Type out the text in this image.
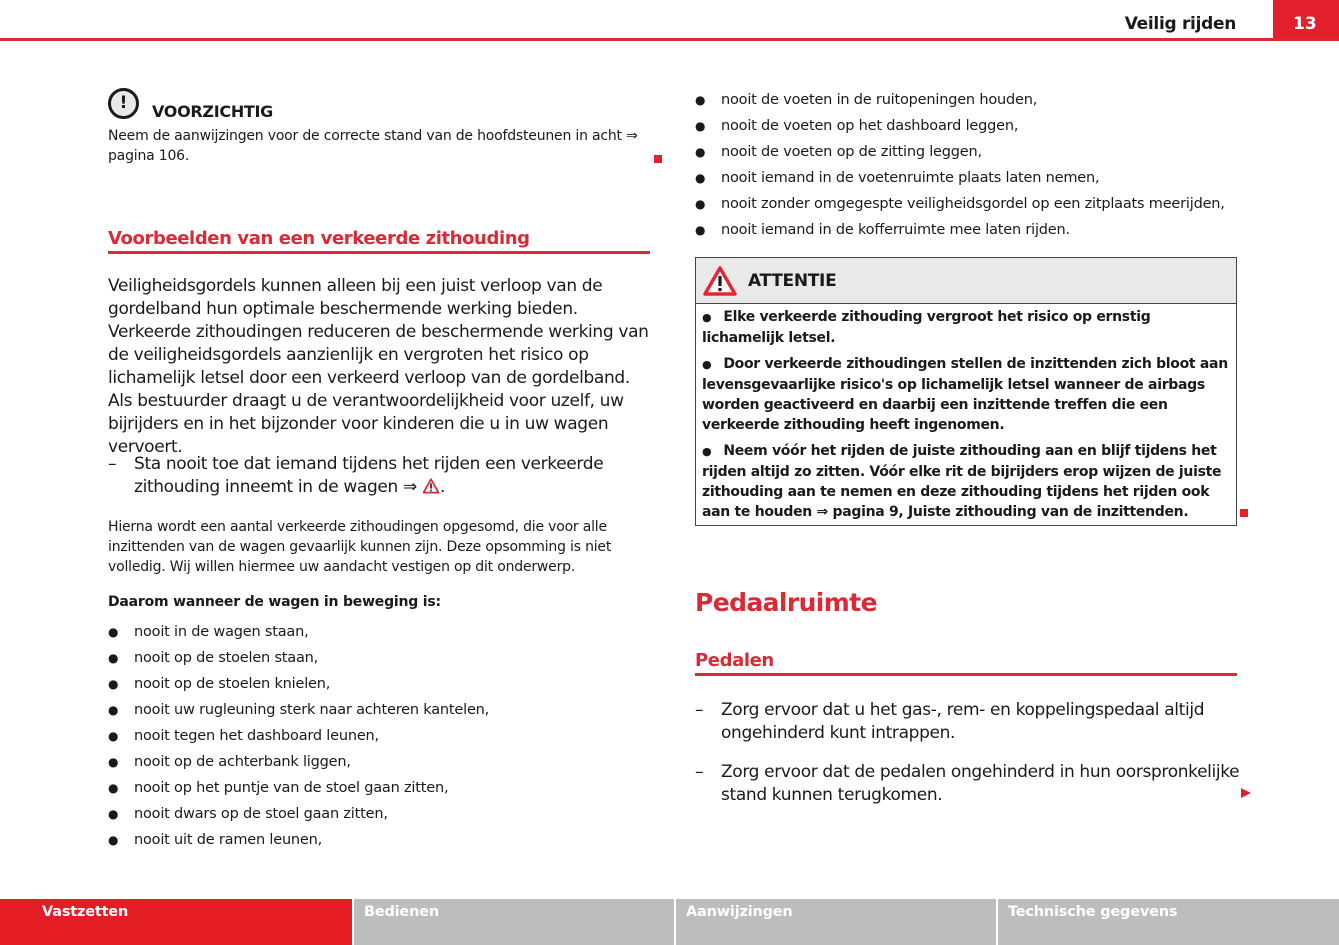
Veilig rijden	13
!	VOORZICHTIG
Neem de aanwijzingen voor de correcte stand van de hoofdsteunen in acht ⇒ pagina 106.
Voorbeelden van een verkeerde zithouding
Veiligheidsgordels kunnen alleen bij een juist verloop van de gordelband hun optimale beschermende werking bieden. Verkeerde zithoudingen reduceren de beschermende werking van de veiligheidsgordels aanzienlijk en vergroten het risico op lichamelijk letsel door een verkeerd verloop van de gordelband. Als bestuurder draagt u de verantwoordelijkheid voor uzelf, uw bijrijders en in het bijzonder voor kinderen die u in uw wagen vervoert.
–	Sta nooit toe dat iemand tijdens het rijden een verkeerde zithouding inneemt in de wagen ⇒ .
Hierna wordt een aantal verkeerde zithoudingen opgesomd, die voor alle inzittenden van de wagen gevaarlijk kunnen zijn. Deze opsomming is niet volledig. Wij willen hiermee uw aandacht vestigen op dit onderwerp.
Daarom wanneer de wagen in beweging is:
●	nooit in de wagen staan,
●	nooit op de stoelen staan,
●	nooit op de stoelen knielen,
●	nooit uw rugleuning sterk naar achteren kantelen,
●	nooit tegen het dashboard leunen,
●	nooit op de achterbank liggen,
●	nooit op het puntje van de stoel gaan zitten,
●	nooit dwars op de stoel gaan zitten,
●	nooit uit de ramen leunen,
●	nooit de voeten in de ruitopeningen houden,
●	nooit de voeten op het dashboard leggen,
●	nooit de voeten op de zitting leggen,
●	nooit iemand in de voetenruimte plaats laten nemen,
●	nooit zonder omgegespte veiligheidsgordel op een zitplaats meerijden,
●	nooit iemand in de kofferruimte mee laten rijden.
ATTENTIE

● Elke verkeerde zithouding vergroot het risico op ernstig lichamelijk letsel.

● Door verkeerde zithoudingen stellen de inzittenden zich bloot aan levensgevaarlijke risico's op lichamelijk letsel wanneer de airbags worden geactiveerd en daarbij een inzittende treffen die een verkeerde zithouding heeft ingenomen.

● Neem vóór het rijden de juiste zithouding aan en blijf tijdens het rijden altijd zo zitten. Vóór elke rit de bijrijders erop wijzen de juiste zithouding aan te nemen en deze zithouding tijdens het rijden ook aan te houden ⇒ pagina 9, Juiste zithouding van de inzittenden.

Pedaalruimte
Pedalen
–	Zorg ervoor dat u het gas-, rem- en koppelingspedaal altijd ongehinderd kunt intrappen.
–	Zorg ervoor dat de pedalen ongehinderd in hun oorspronkelijke stand kunnen terugkomen.
Vastzetten	Bedienen	Aanwijzingen	Technische gegevens
